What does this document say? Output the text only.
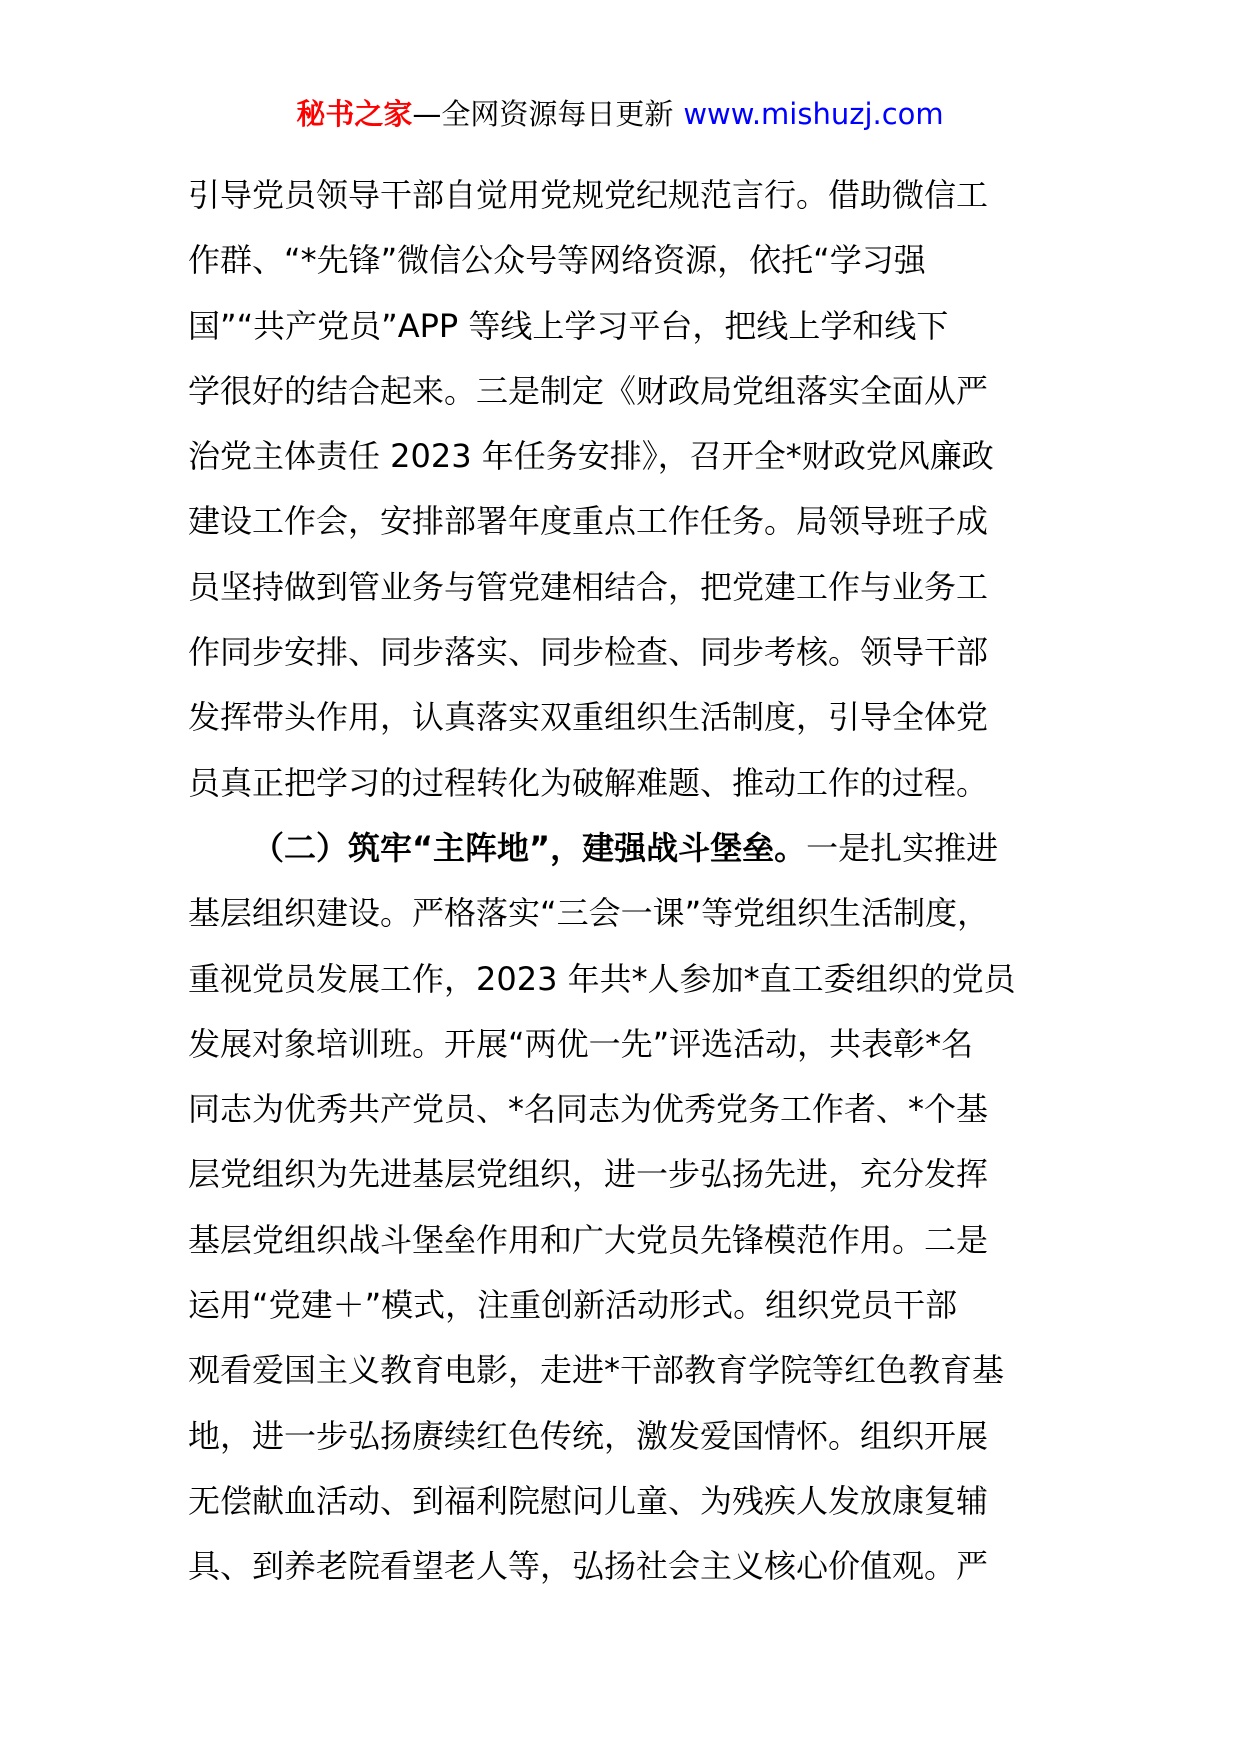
秘书之家—全网资源每日更新 www.mishuzj.com
引导党员领导干部自觉用党规党纪规范言行。借助微信工
作群、“*先锋”微信公众号等网络资源，依托“学习强
国”“共产党员”APP 等线上学习平台，把线上学和线下
学很好的结合起来。三是制定《财政局党组落实全面从严
治党主体责任 2023 年任务安排》，召开全*财政党风廉政
建设工作会，安排部署年度重点工作任务。局领导班子成
员坚持做到管业务与管党建相结合，把党建工作与业务工
作同步安排、同步落实、同步检查、同步考核。领导干部
发挥带头作用，认真落实双重组织生活制度，引导全体党
员真正把学习的过程转化为破解难题、推动工作的过程。
（二）筑牢“主阵地”，建强战斗堡垒。一是扎实推进
基层组织建设。严格落实“三会一课”等党组织生活制度，
重视党员发展工作，2023 年共*人参加*直工委组织的党员
发展对象培训班。开展“两优一先”评选活动，共表彰*名
同志为优秀共产党员、*名同志为优秀党务工作者、*个基
层党组织为先进基层党组织，进一步弘扬先进，充分发挥
基层党组织战斗堡垒作用和广大党员先锋模范作用。二是
运用“党建＋”模式，注重创新活动形式。组织党员干部
观看爱国主义教育电影，走进*干部教育学院等红色教育基
地，进一步弘扬赓续红色传统，激发爱国情怀。组织开展
无偿献血活动、到福利院慰问儿童、为残疾人发放康复辅
具、到养老院看望老人等，弘扬社会主义核心价值观。严
